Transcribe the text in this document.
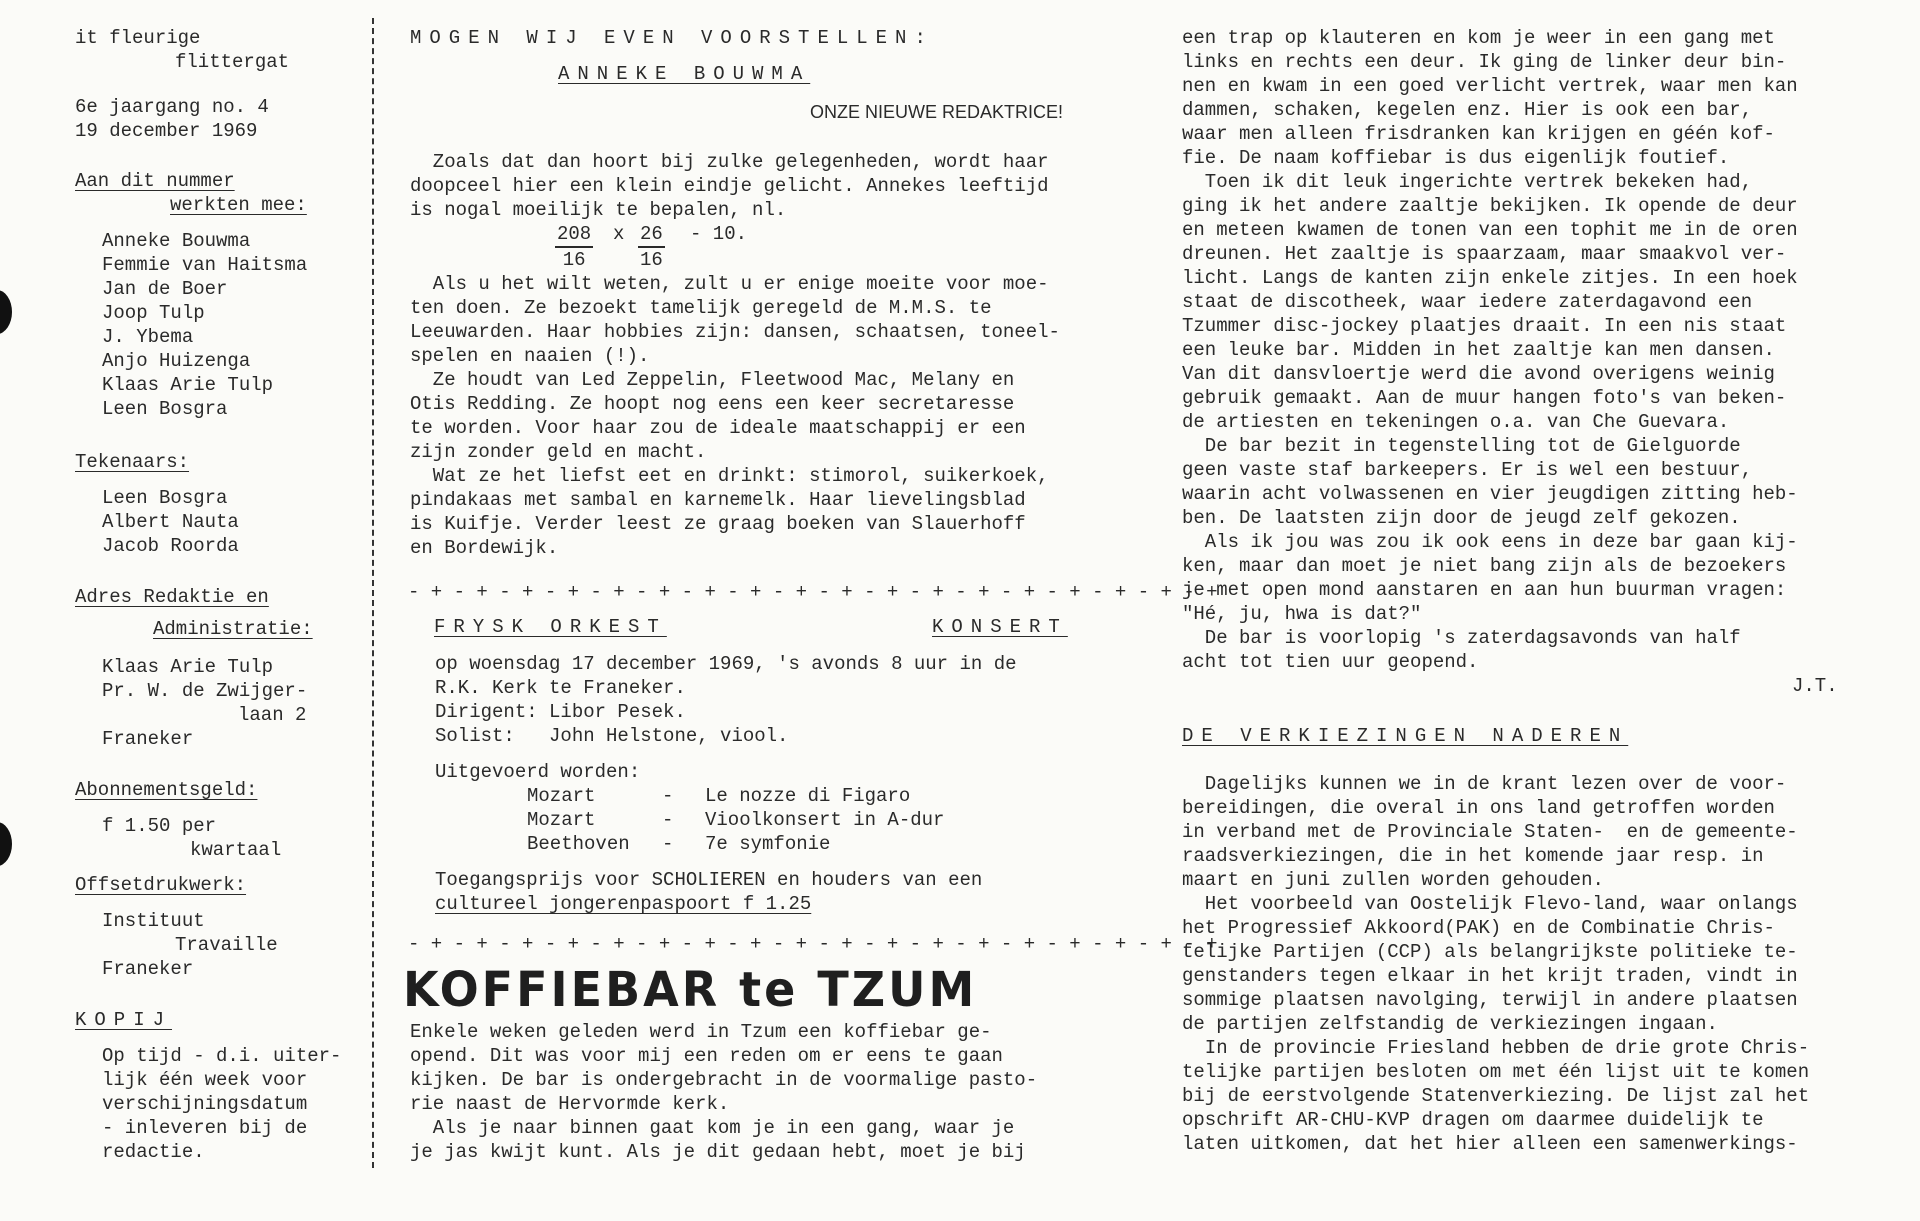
it fleurige
flittergat
6e jaargang no. 4
19 december 1969
Aan dit nummer
werkten mee:
Anneke Bouwma
Femmie van Haitsma
Jan de Boer
Joop Tulp
J. Ybema
Anjo Huizenga
Klaas Arie Tulp
Leen Bosgra
Tekenaars:
Leen Bosgra
Albert Nauta
Jacob Roorda
Adres Redaktie en
Administratie:
Klaas Arie Tulp
Pr. W. de Zwijger-
laan 2
Franeker
Abonnementsgeld:
f 1.50 per
kwartaal
Offsetdrukwerk:
Instituut
Travaille
Franeker
KOPIJ
Op tijd - d.i. uiter-
lijk één week voor
verschijningsdatum
- inleveren bij de
redactie.
MOGEN WIJ EVEN VOORSTELLEN:
ANNEKE BOUWMA
ONZE NIEUWE REDAKTRICE!
Zoals dat dan hoort bij zulke gelegenheden, wordt haar
doopceel hier een klein eindje gelicht. Annekes leeftijd
is nogal moeilijk te bepalen, nl.
$\frac{208}{16}$ x $\frac{26}{16} - 10$.
Als u het wilt weten, zult u er enige moeite voor moe-
ten doen. Ze bezoekt tamelijk geregeld de M.M.S. te
Leeuwarden. Haar hobbies zijn: dansen, schaatsen, toneel-
spelen en naaien (!).
Ze houdt van Led Zeppelin, Fleetwood Mac, Melany en
Otis Redding. Ze hoopt nog eens een keer secretaresse
te worden. Voor haar zou de ideale maatschappij er een
zijn zonder geld en macht.
Wat ze het liefst eet en drinkt: stimorol, suikerkoek,
pindakaas met sambal en karnemelk. Haar lievelingsblad
is Kuifje. Verder leest ze graag boeken van Slauerhoff
en Bordewijk.
- + - + - + - + - + - + - + - + - + - + - + - + - + - + - + - + - + - +
FRYSK ORKEST	KONSERT
op woensdag 17 december 1969, 's avonds 8 uur in de
R.K. Kerk te Franeker.
Dirigent: Libor Pesek.
Solist:   John Helstone, viool.
Uitgevoerd worden:
Mozart	- Le nozze di Figaro
Mozart	- Vioolkonsert in A-dur
Beethoven - 7e symfonie
Toegangsprijs voor SCHOLIEREN en houders van een
cultureel jongerenpaspoort f 1.25
- + - + - + - + - + - + - + - + - + - + - + - + - + - + - + - + - + - +
Enkele weken geleden werd in Tzum een koffiebar ge-
opend. Dit was voor mij een reden om er eens te gaan
kijken. De bar is ondergebracht in de voormalige pasto-
rie naast de Hervormde kerk.
Als je naar binnen gaat kom je in een gang, waar je
je jas kwijt kunt. Als je dit gedaan hebt, moet je bij
KOFFIEBAR te TZUM
een trap op klauteren en kom je weer in een gang met
links en rechts een deur. Ik ging de linker deur bin-
nen en kwam in een goed verlicht vertrek, waar men kan
dammen, schaken, kegelen enz. Hier is ook een bar,
waar men alleen frisdranken kan krijgen en géén kof-
fie. De naam koffiebar is dus eigenlijk foutief.
Toen ik dit leuk ingerichte vertrek bekeken had,
ging ik het andere zaaltje bekijken. Ik opende de deur
en meteen kwamen de tonen van een tophit me in de oren
dreunen. Het zaaltje is spaarzaam, maar smaakvol ver-
licht. Langs de kanten zijn enkele zitjes. In een hoek
staat de discotheek, waar iedere zaterdagavond een
Tzummer disc-jockey plaatjes draait. In een nis staat
een leuke bar. Midden in het zaaltje kan men dansen.
Van dit dansvloertje werd die avond overigens weinig
gebruik gemaakt. Aan de muur hangen foto's van beken-
de artiesten en tekeningen o.a. van Che Guevara.
De bar bezit in tegenstelling tot de Gielguorde
geen vaste staf barkeepers. Er is wel een bestuur,
waarin acht volwassenen en vier jeugdigen zitting heb-
ben. De laatsten zijn door de jeugd zelf gekozen.
Als ik jou was zou ik ook eens in deze bar gaan kij-
ken, maar dan moet je niet bang zijn als de bezoekers
je met open mond aanstaren en aan hun buurman vragen:
"Hé, ju, hwa is dat?"
De bar is voorlopig 's zaterdagsavonds van half
acht tot tien uur geopend.
J.T.
DE VERKIEZINGEN NADEREN
Dagelijks kunnen we in de krant lezen over de voor-
bereidingen, die overal in ons land getroffen worden
in verband met de Provinciale Staten-  en de gemeente-
raadsverkiezingen, die in het komende jaar resp. in
maart en juni zullen worden gehouden.
Het voorbeeld van Oostelijk Flevo-land, waar onlangs
het Progressief Akkoord(PAK) en de Combinatie Chris-
telijke Partijen (CCP) als belangrijkste politieke te-
genstanders tegen elkaar in het krijt traden, vindt in
sommige plaatsen navolging, terwijl in andere plaatsen
de partijen zelfstandig de verkiezingen ingaan.
In de provincie Friesland hebben de drie grote Chris-
telijke partijen besloten om met één lijst uit te komen
bij de eerstvolgende Statenverkiezing. De lijst zal het
opschrift AR-CHU-KVP dragen om daarmee duidelijk te
laten uitkomen, dat het hier alleen een samenwerkings-
